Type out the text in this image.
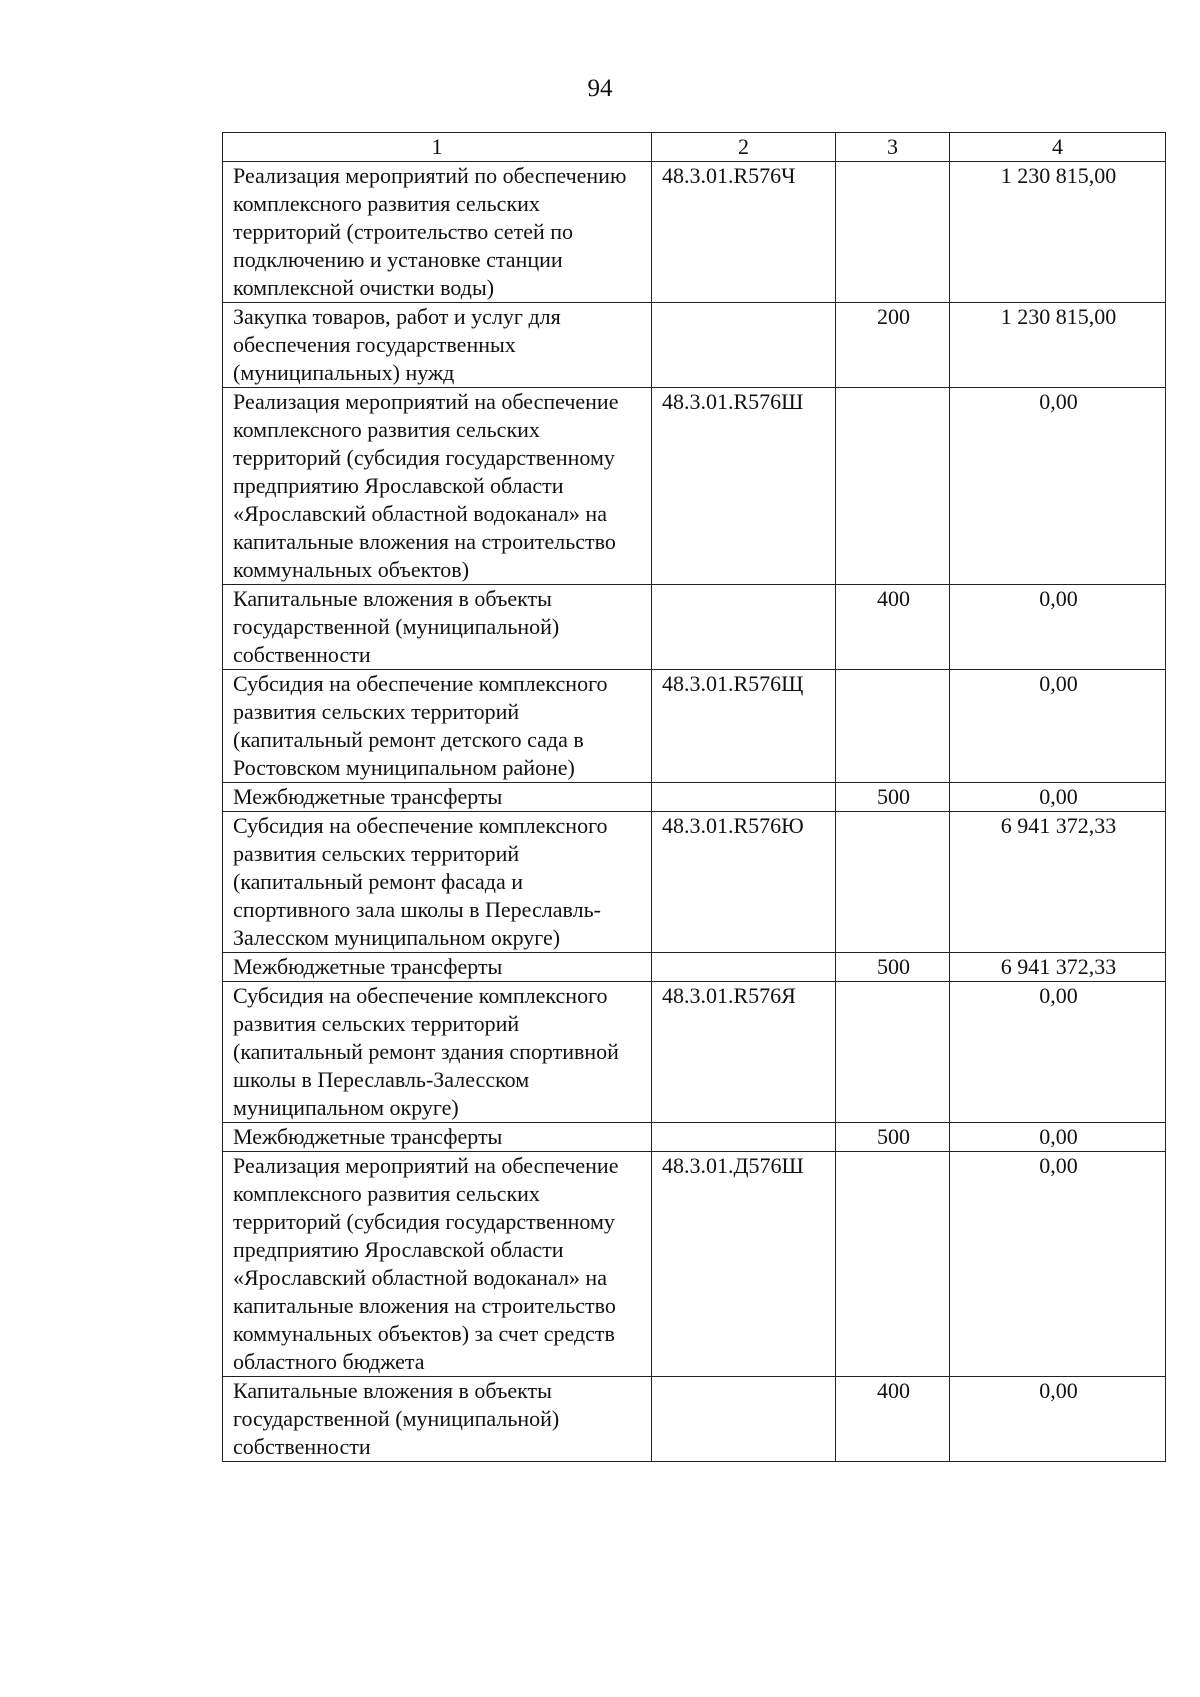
94
1	2	3	4
Реализация мероприятий по обеспечению комплексного развития сельских территорий (строительство сетей по подключению и установке станции комплексной очистки воды)	48.3.01.R576Ч		1 230 815,00
Закупка товаров, работ и услуг для обеспечения государственных (муниципальных) нужд		200	1 230 815,00
Реализация мероприятий на обеспечение комплексного развития сельских территорий (субсидия государственному предприятию Ярославской области «Ярославский областной водоканал» на капитальные вложения на строительство коммунальных объектов)	48.3.01.R576Ш		0,00
Капитальные вложения в объекты государственной (муниципальной) собственности		400	0,00
Субсидия на обеспечение комплексного развития сельских территорий (капитальный ремонт детского сада в Ростовском муниципальном районе)	48.3.01.R576Щ		0,00
Межбюджетные трансферты		500	0,00
Субсидия на обеспечение комплексного развития сельских территорий (капитальный ремонт фасада и спортивного зала школы в Переславль-Залесском муниципальном округе)	48.3.01.R576Ю		6 941 372,33
Межбюджетные трансферты		500	6 941 372,33
Субсидия на обеспечение комплексного развития сельских территорий (капитальный ремонт здания спортивной школы в Переславль-Залесском муниципальном округе)	48.3.01.R576Я		0,00
Межбюджетные трансферты		500	0,00
Реализация мероприятий на обеспечение комплексного развития сельских территорий (субсидия государственному предприятию Ярославской области «Ярославский областной водоканал» на капитальные вложения на строительство коммунальных объектов) за счет средств областного бюджета	48.3.01.Д576Ш		0,00
Капитальные вложения в объекты государственной (муниципальной) собственности		400	0,00
